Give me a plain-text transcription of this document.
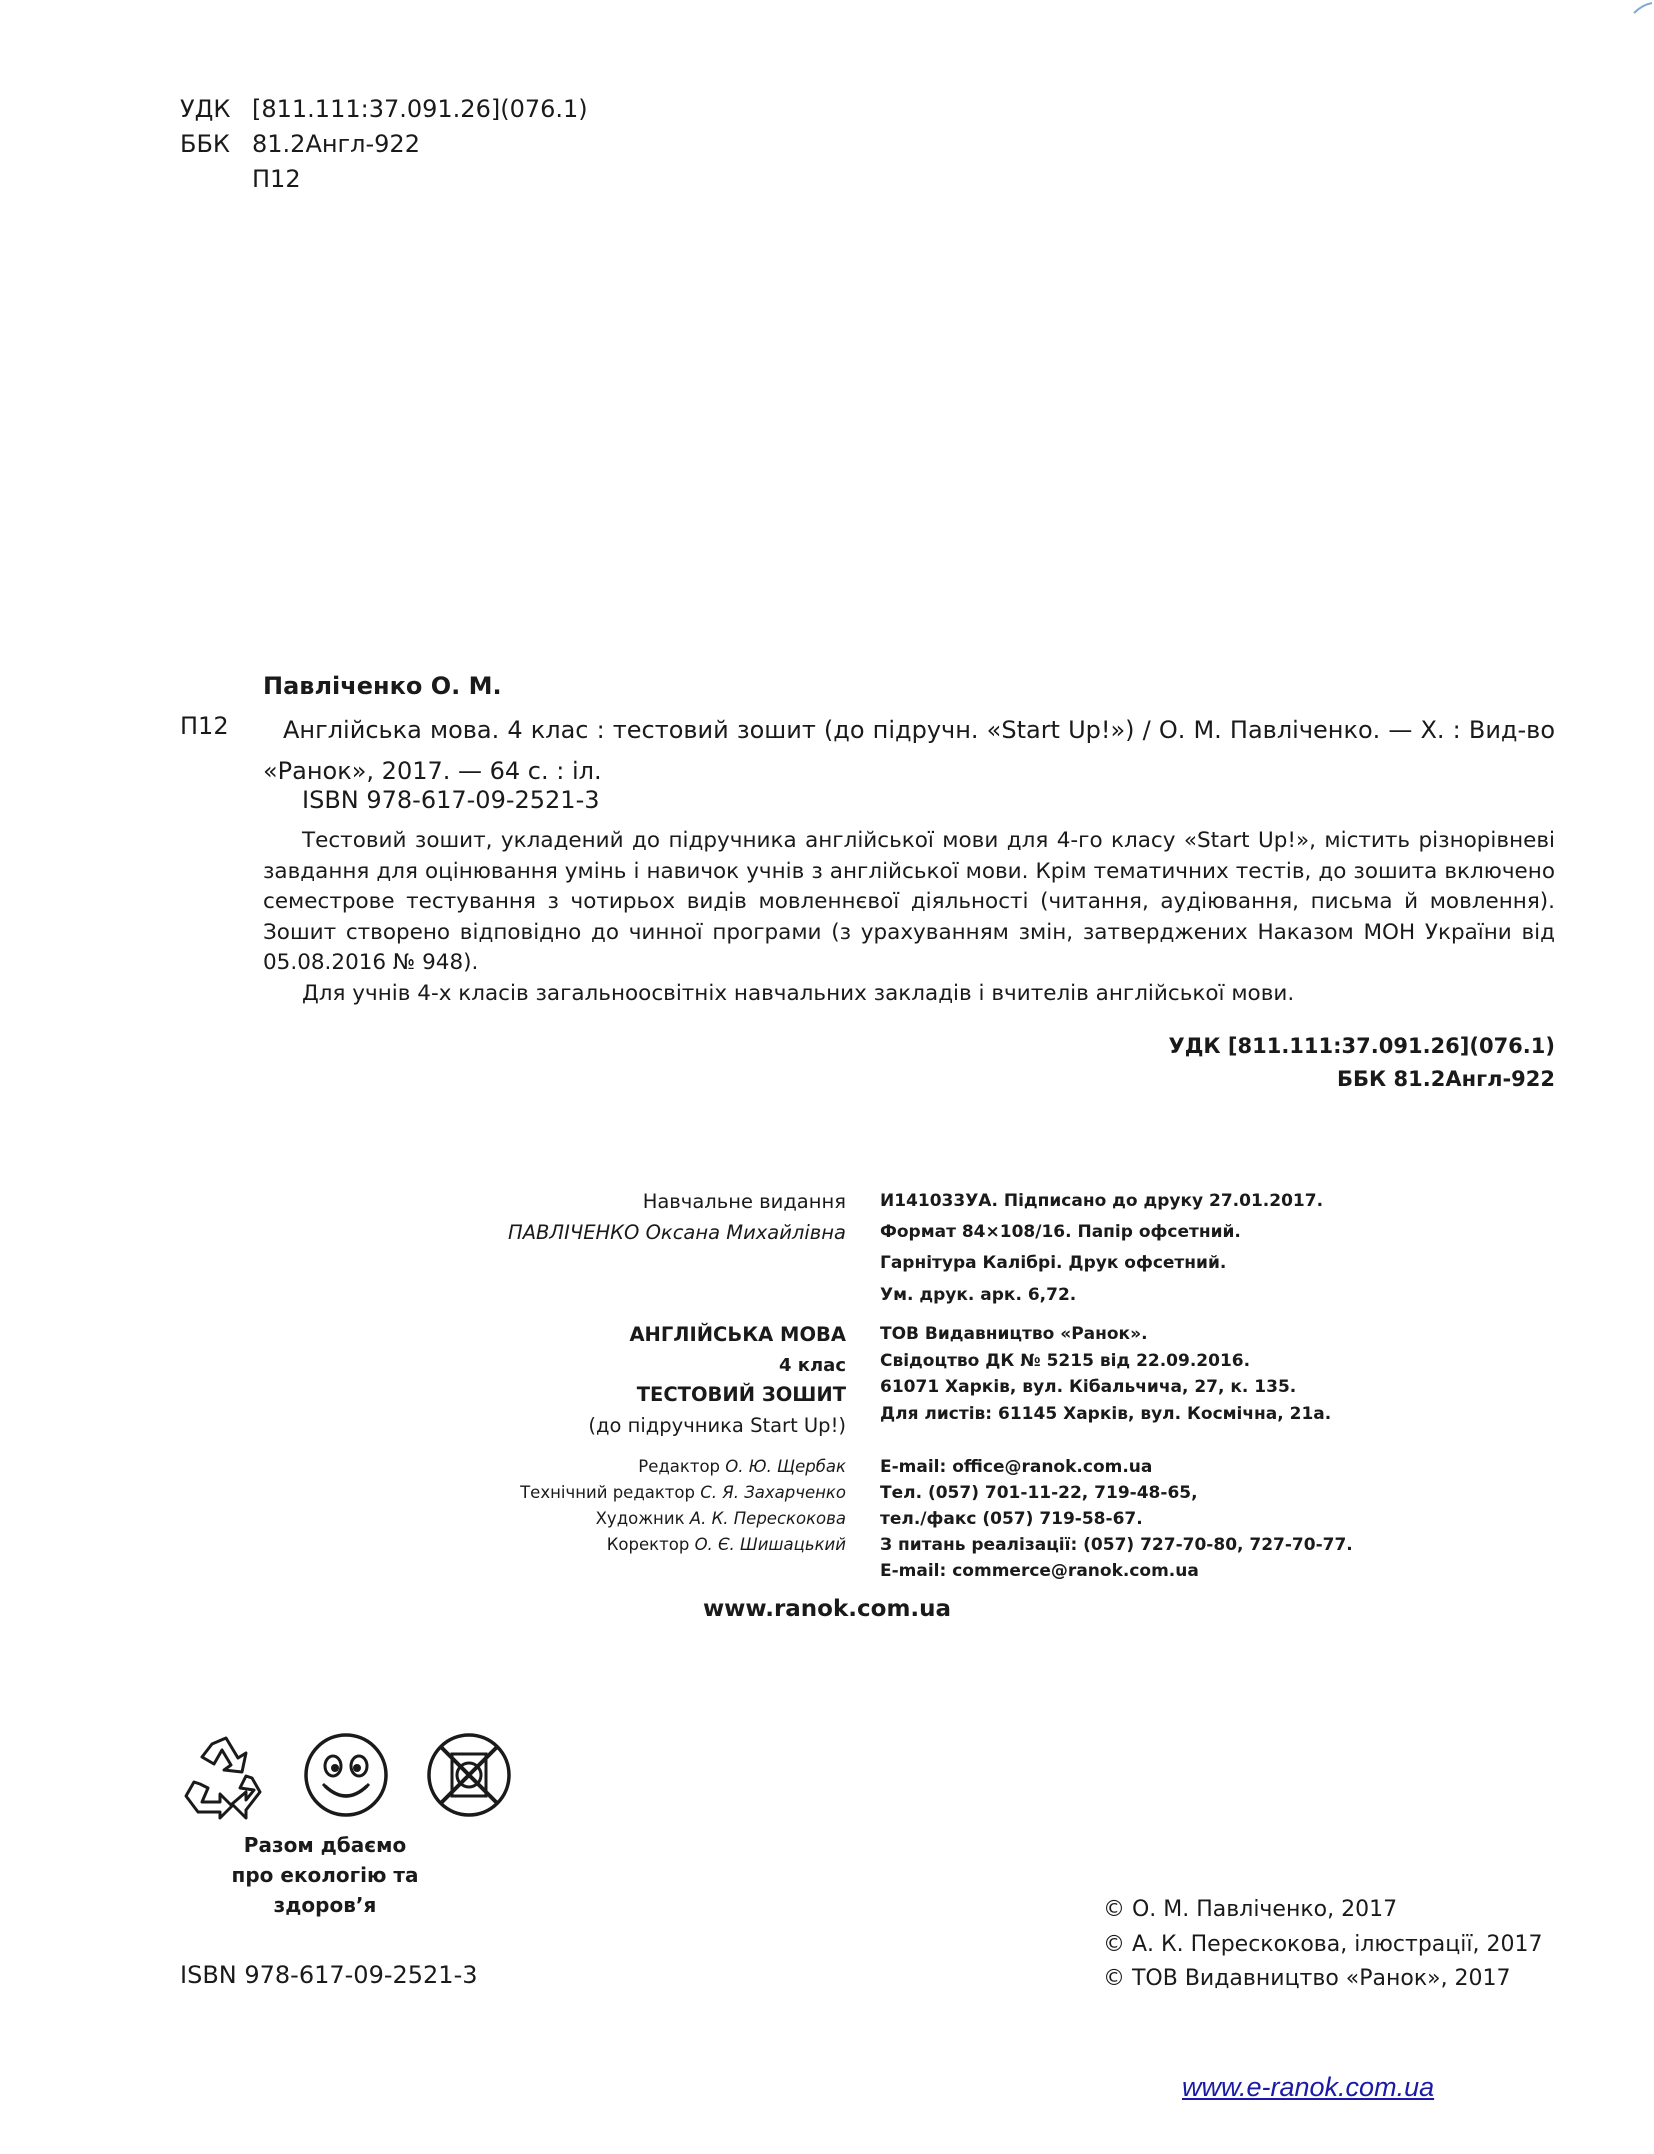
УДК [811.111:37.091.26](076.1)
ББК 81.2Англ-922
П12
Павліченко О. М.
П12	Англійська мова. 4 клас : тестовий зошит (до підручн. «Start Up!») / О. М. Павліченко. — Х. : Вид-во «Ранок», 2017. — 64 с. : іл.
ISBN 978-617-09-2521-3

Тестовий зошит, укладений до підручника англійської мови для 4-го класу «Start Up!», містить різнорівневі завдання для оцінювання умінь і навичок учнів з англійської мови. Крім тематичних тестів, до зошита включено семестрове тестування з чотирьох видів мовленнєвої діяльності (читання, аудіювання, письма й мовлення). Зошит створено відповідно до чинної програми (з урахуванням змін, затверджених Наказом МОН України від 05.08.2016 № 948).

Для учнів 4-х класів загальноосвітніх навчальних закладів і вчителів англійської мови.

УДК [811.111:37.091.26](076.1)
ББК 81.2Англ-922
Навчальне видання
ПАВЛІЧЕНКО Оксана Михайлівна
АНГЛІЙСЬКА МОВА
4 клас
ТЕСТОВИЙ ЗОШИТ
(до підручника Start Up!)
Редактор О. Ю. Щербак
Технічний редактор С. Я. Захарченко
Художник А. К. Перескокова
Коректор О. Є. Шишацький
И141033УА. Підписано до друку 27.01.2017.
Формат 84×108/16. Папір офсетний.
Гарнітура Калібрі. Друк офсетний.
Ум. друк. арк. 6,72.
ТОВ Видавництво «Ранок».
Свідоцтво ДК № 5215 від 22.09.2016.
61071 Харків, вул. Кібальчича, 27, к. 135.
Для листів: 61145 Харків, вул. Космічна, 21а.
E-mail: office@ranok.com.ua
Тел. (057) 701-11-22, 719-48-65,
тел./факс (057) 719-58-67.
З питань реалізації: (057) 727-70-80, 727-70-77.
E-mail: commerce@ranok.com.ua
www.ranok.com.ua
Разом дбаємо
про екологію та здоров’я
ISBN 978-617-09-2521-3
© О. М. Павліченко, 2017
© А. К. Перескокова, ілюстрації, 2017
© ТОВ Видавництво «Ранок», 2017
www.e-ranok.com.ua
